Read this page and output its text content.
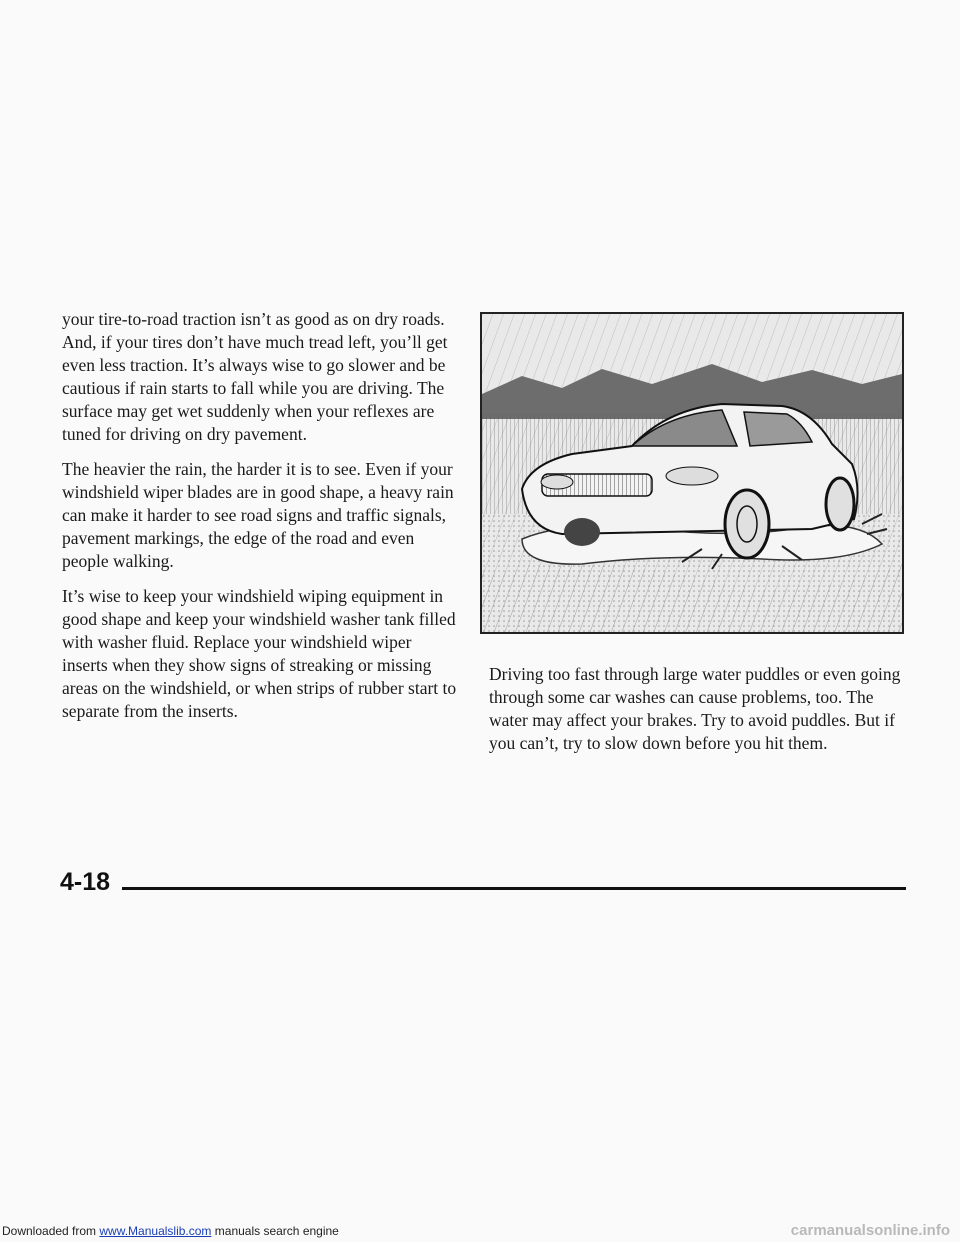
your tire-to-road traction isn’t as good as on dry roads. And, if your tires don’t have much tread left, you’ll get even less traction. It’s always wise to go slower and be cautious if rain starts to fall while you are driving. The surface may get wet suddenly when your reflexes are tuned for driving on dry pavement.

The heavier the rain, the harder it is to see. Even if your windshield wiper blades are in good shape, a heavy rain can make it harder to see road signs and traffic signals, pavement markings, the edge of the road and even people walking.

It’s wise to keep your windshield wiping equipment in good shape and keep your windshield washer tank filled with washer fluid. Replace your windshield wiper inserts when they show signs of streaking or missing areas on the windshield, or when strips of rubber start to separate from the inserts.

Driving too fast through large water puddles or even going through some car washes can cause problems, too. The water may affect your brakes. Try to avoid puddles. But if you can’t, try to slow down before you hit them.

4-18
Downloaded from www.Manualslib.com manuals search engine	carmanualsonline.info
